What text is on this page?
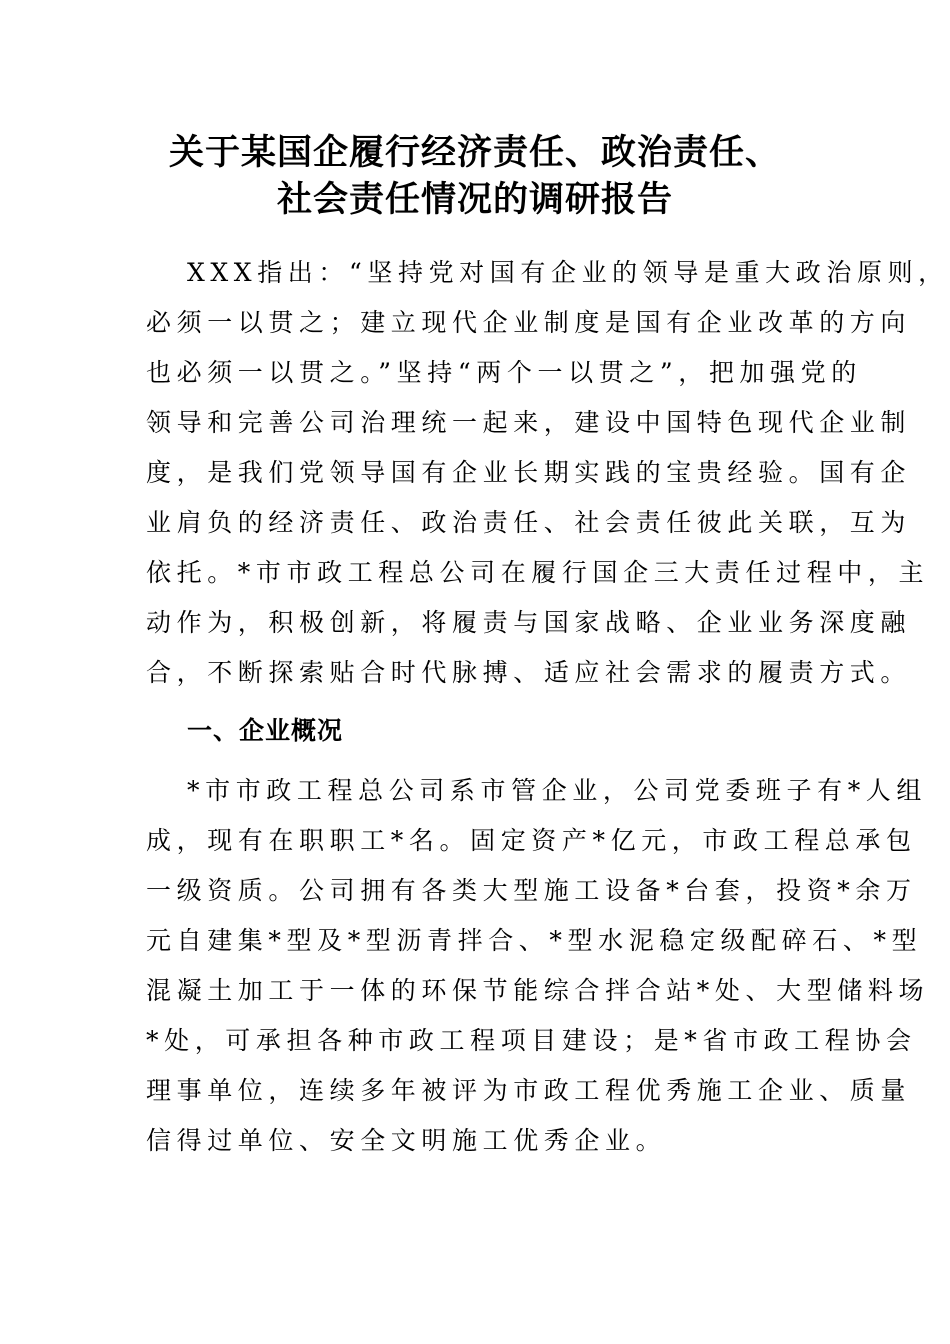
关于某国企履行经济责任、政治责任、
社会责任情况的调研报告
XXX指出：“坚持党对国有企业的领导是重大政治原则，
必须一以贯之；建立现代企业制度是国有企业改革的方向
也必须一以贯之。”坚持“两个一以贯之”，把加强党的
领导和完善公司治理统一起来，建设中国特色现代企业制
度，是我们党领导国有企业长期实践的宝贵经验。国有企
业肩负的经济责任、政治责任、社会责任彼此关联，互为
依托。*市市政工程总公司在履行国企三大责任过程中，主
动作为，积极创新，将履责与国家战略、企业业务深度融
合，不断探索贴合时代脉搏、适应社会需求的履责方式。
一、企业概况
*市市政工程总公司系市管企业，公司党委班子有*人组
成，现有在职职工*名。固定资产*亿元，市政工程总承包
一级资质。公司拥有各类大型施工设备*台套，投资*余万
元自建集*型及*型沥青拌合、*型水泥稳定级配碎石、*型
混凝土加工于一体的环保节能综合拌合站*处、大型储料场
*处，可承担各种市政工程项目建设；是*省市政工程协会
理事单位，连续多年被评为市政工程优秀施工企业、质量
信得过单位、安全文明施工优秀企业。
